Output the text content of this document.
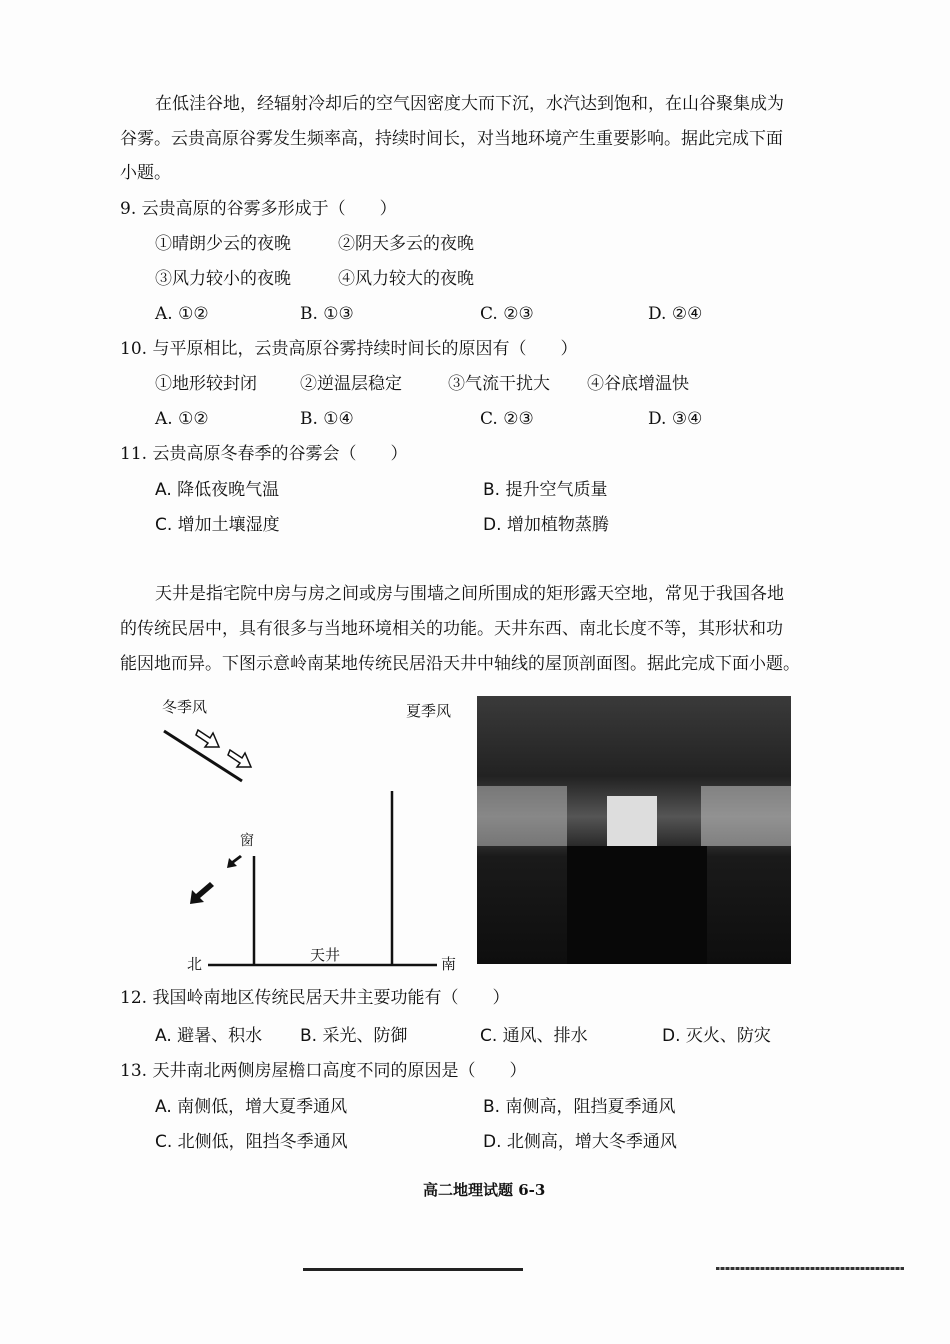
在低洼谷地，经辐射冷却后的空气因密度大而下沉，水汽达到饱和，在山谷聚集成为
谷雾。云贵高原谷雾发生频率高，持续时间长，对当地环境产生重要影响。据此完成下面
小题。
9. 云贵高原的谷雾多形成于（　　）
①晴朗少云的夜晚	②阴天多云的夜晚
③风力较小的夜晚	④风力较大的夜晚
A. ①②	B. ①③	C. ②③	D. ②④
10. 与平原相比，云贵高原谷雾持续时间长的原因有（　　）
①地形较封闭	②逆温层稳定	③气流干扰大 ④谷底增温快
A. ①②	B. ①④	C. ②③	D. ③④
11. 云贵高原冬春季的谷雾会（　　）
A. 降低夜晚气温	B. 提升空气质量
C. 增加土壤湿度	D. 增加植物蒸腾
天井是指宅院中房与房之间或房与围墙之间所围成的矩形露天空地，常见于我国各地
的传统民居中，具有很多与当地环境相关的功能。天井东西、南北长度不等，其形状和功
能因地而异。下图示意岭南某地传统民居沿天井中轴线的屋顶剖面图。据此完成下面小题。
冬季风	夏季风
窗
天井
北	南
12. 我国岭南地区传统民居天井主要功能有（　　）
A. 避暑、积水 B. 采光、防御	C. 通风、排水	D. 灭火、防灾
13. 天井南北两侧房屋檐口高度不同的原因是（　　）
A. 南侧低，增大夏季通风	B. 南侧高，阻挡夏季通风
C. 北侧低，阻挡冬季通风	D. 北侧高，增大冬季通风
高二地理试题 6-3
